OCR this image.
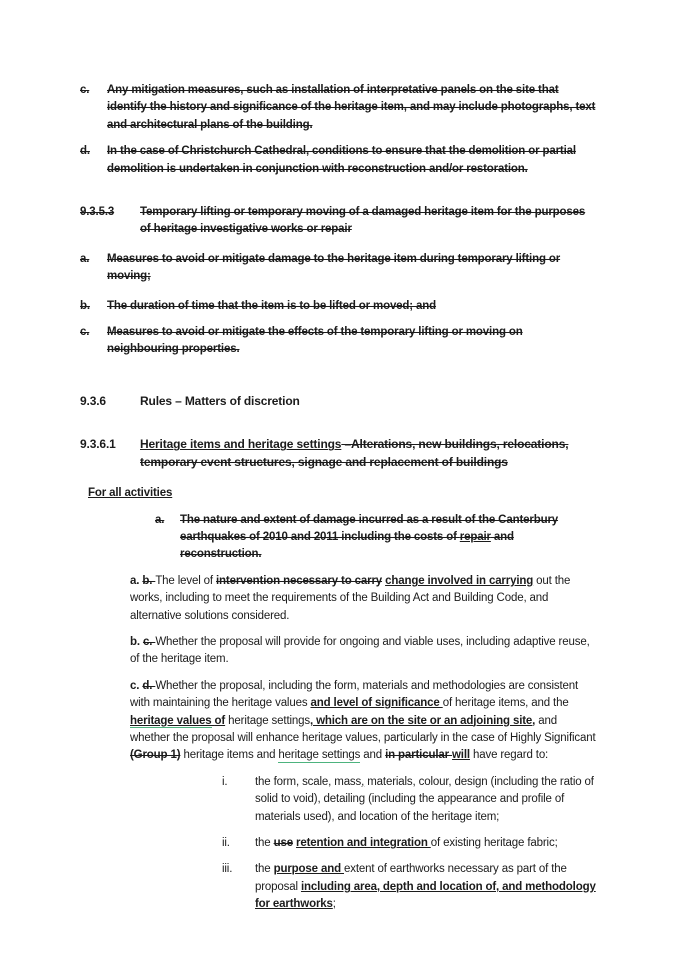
c.	Any mitigation measures, such as installation of interpretative panels on the site that identify the history and significance of the heritage item, and may include photographs, text and architectural plans of the building.
d.	In the case of Christchurch Cathedral, conditions to ensure that the demolition or partial demolition is undertaken in conjunction with reconstruction and/or restoration.
9.3.5.3	Temporary lifting or temporary moving of a damaged heritage item for the purposes of heritage investigative works or repair
a.	Measures to avoid or mitigate damage to the heritage item during temporary lifting or moving;
b.	The duration of time that the item is to be lifted or moved; and
c.	Measures to avoid or mitigate the effects of the temporary lifting or moving on neighbouring properties.
9.3.6	Rules – Matters of discretion
9.3.6.1	Heritage items and heritage settings –Alterations, new buildings, relocations, temporary event structures, signage and replacement of buildings
For all activities
a.	The nature and extent of damage incurred as a result of the Canterbury earthquakes of 2010 and 2011 including the costs of repair and reconstruction.
a. b. The level of intervention necessary to carry change involved in carrying out the works, including to meet the requirements of the Building Act and Building Code, and alternative solutions considered.
b. c. Whether the proposal will provide for ongoing and viable uses, including adaptive reuse, of the heritage item.
c. d. Whether the proposal, including the form, materials and methodologies are consistent with maintaining the heritage values and level of significance of heritage items, and the heritage values of heritage settings, which are on the site or an adjoining site, and whether the proposal will enhance heritage values, particularly in the case of Highly Significant (Group 1) heritage items and heritage settings and in particular will have regard to:
i.	the form, scale, mass, materials, colour, design (including the ratio of solid to void), detailing (including the appearance and profile of materials used), and location of the heritage item;
ii.	the use retention and integration of existing heritage fabric;
iii.	the purpose and extent of earthworks necessary as part of the proposal including area, depth and location of, and methodology for earthworks;
